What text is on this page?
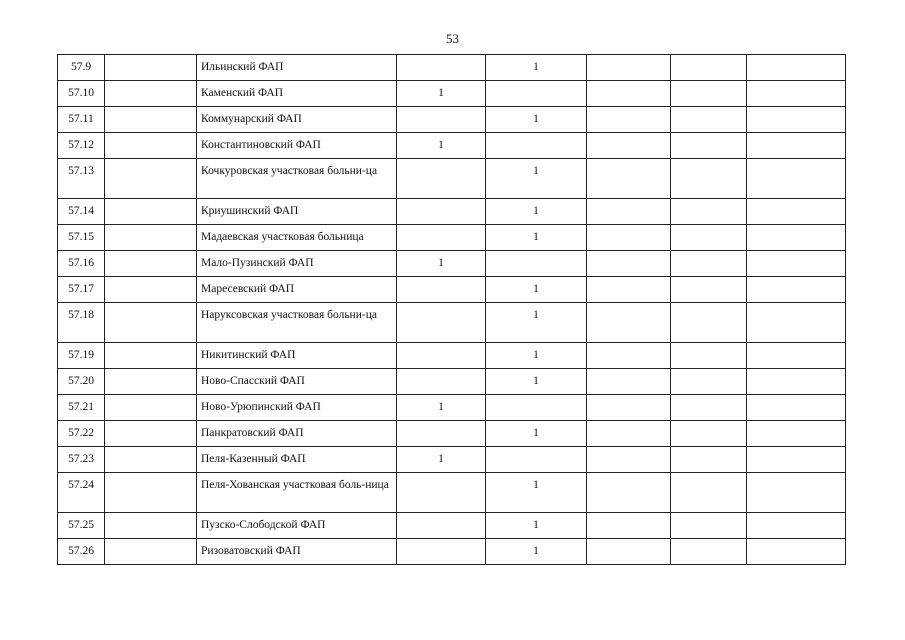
53
57.9		Ильинский ФАП		1			
57.10		Каменский ФАП	1				
57.11		Коммунарский ФАП		1			
57.12		Константиновский ФАП	1				
57.13		Кочкуровская участковая больни-ца		1			
57.14		Криушинский ФАП		1			
57.15		Мадаевская участковая больница		1			
57.16		Мало-Пузинский ФАП	1				
57.17		Маресевский ФАП		1			
57.18		Наруксовская участковая больни-ца		1			
57.19		Никитинский ФАП		1			
57.20		Ново-Спасский ФАП		1			
57.21		Ново-Урюпинский ФАП	1				
57.22		Панкратовский ФАП		1			
57.23		Пеля-Казенный ФАП	1				
57.24		Пеля-Хованская участковая боль-ница		1			
57.25		Пузско-Слободской ФАП		1			
57.26		Ризоватовский ФАП		1			
